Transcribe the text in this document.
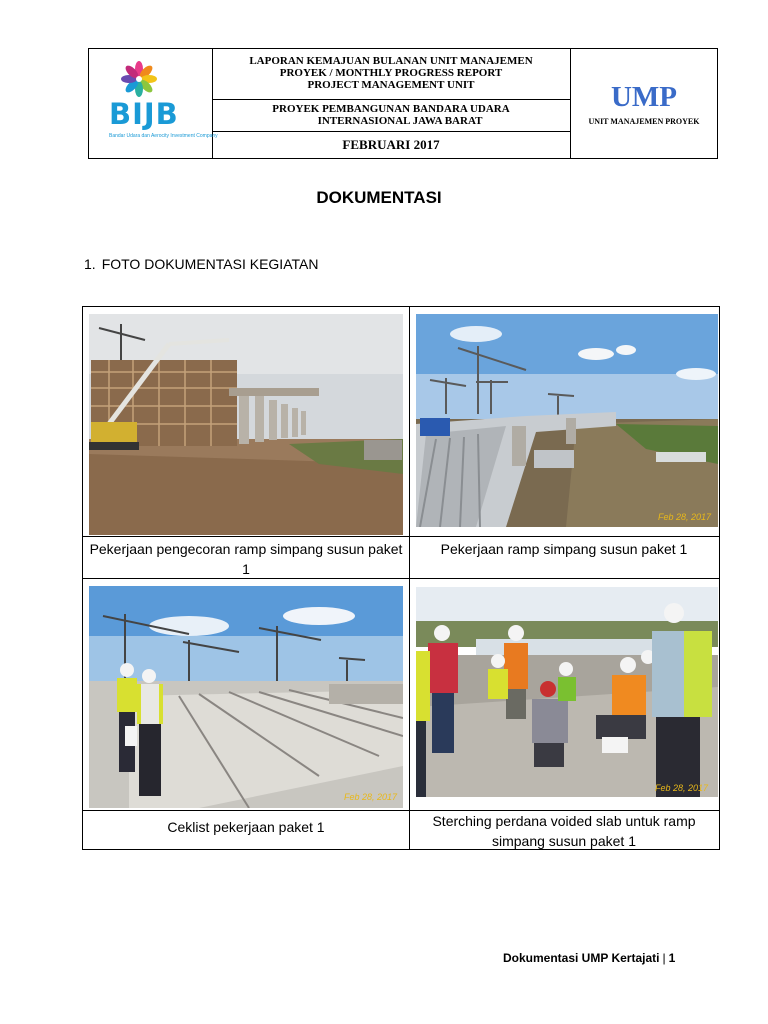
BIJB
Bandar Udara dan Aerocity Investment Company
LAPORAN KEMAJUAN BULANAN UNIT MANAJEMEN
PROYEK / MONTHLY PROGRESS REPORT
PROJECT MANAGEMENT UNIT
PROYEK PEMBANGUNAN BANDARA UDARA
INTERNASIONAL JAWA BARAT
FEBRUARI 2017
UMP
UNIT MANAJEMEN PROYEK
DOKUMENTASI
1. FOTO DOKUMENTASI KEGIATAN
Pekerjaan pengecoran ramp simpang susun paket 1
Feb 28, 2017
Pekerjaan ramp simpang susun paket 1
Feb 28, 2017
Ceklist pekerjaan paket 1
Feb 28, 2017
Sterching perdana voided slab untuk ramp simpang susun paket 1
Dokumentasi UMP Kertajati | 1
